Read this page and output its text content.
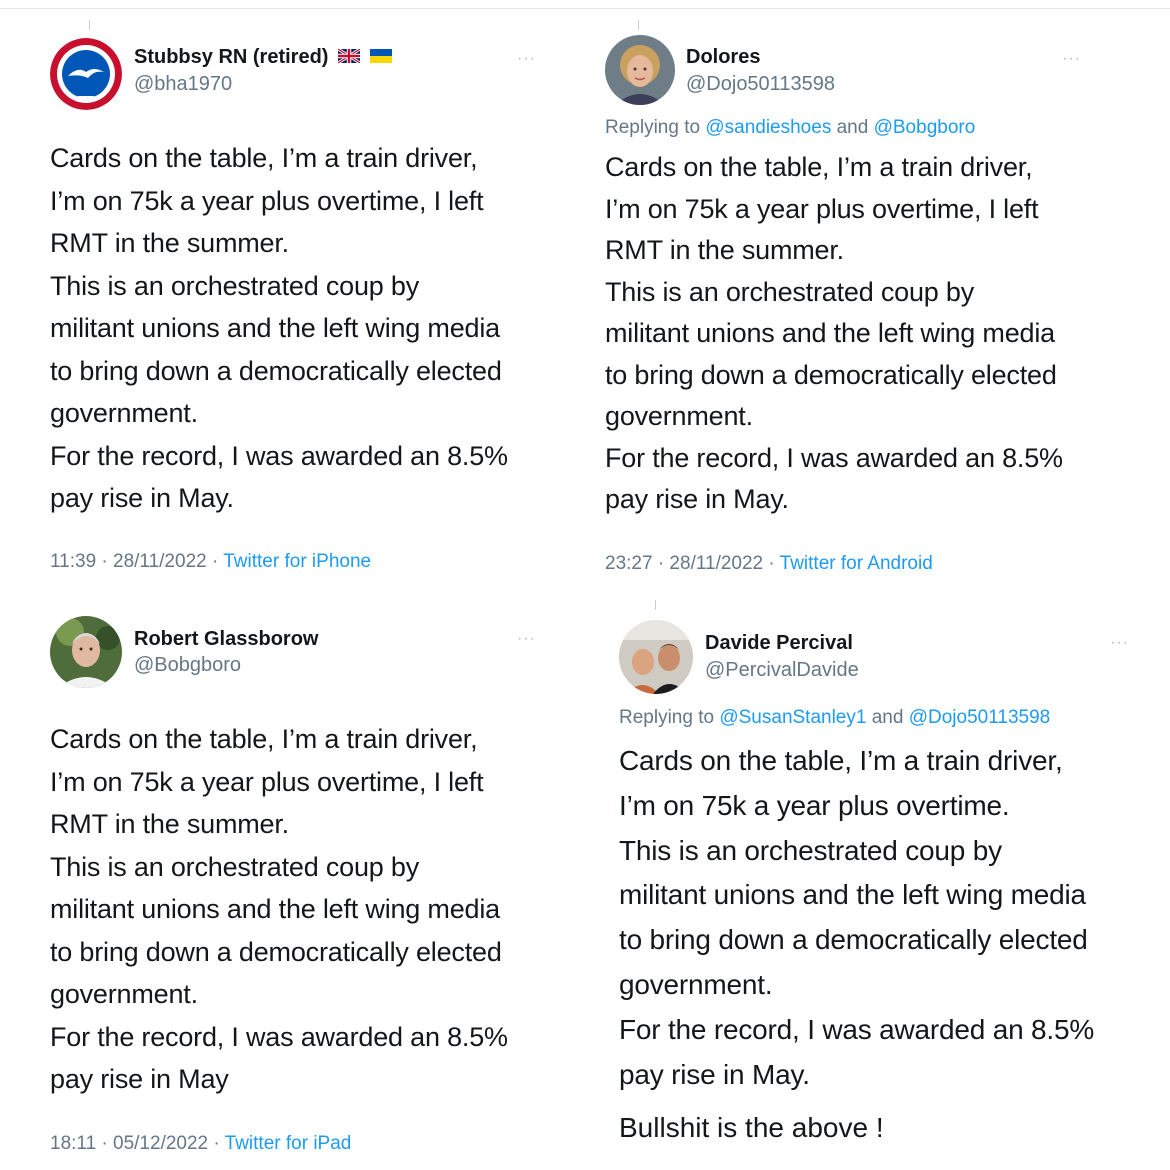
Stubbsy RN (retired)
@bha1970
···
Cards on the table, I’m a train driver,
I’m on 75k a year plus overtime, I left
RMT in the summer.
This is an orchestrated coup by
militant unions and the left wing media
to bring down a democratically elected
government.
For the record, I was awarded an 8.5%
pay rise in May.
11:39 · 28/11/2022 · Twitter for iPhone
Dolores
@Dojo50113598
···
Replying to @sandieshoes and @Bobgboro
Cards on the table, I’m a train driver,
I’m on 75k a year plus overtime, I left
RMT in the summer.
This is an orchestrated coup by
militant unions and the left wing media
to bring down a democratically elected
government.
For the record, I was awarded an 8.5%
pay rise in May.
23:27 · 28/11/2022 · Twitter for Android
Robert Glassborow
@Bobgboro
···
Cards on the table, I’m a train driver,
I’m on 75k a year plus overtime, I left
RMT in the summer.
This is an orchestrated coup by
militant unions and the left wing media
to bring down a democratically elected
government.
For the record, I was awarded an 8.5%
pay rise in May
18:11 · 05/12/2022 · Twitter for iPad
Davide Percival
@PercivalDavide
···
Replying to @SusanStanley1 and @Dojo50113598
Cards on the table, I’m a train driver,
I’m on 75k a year plus overtime.
This is an orchestrated coup by
militant unions and the left wing media
to bring down a democratically elected
government.
For the record, I was awarded an 8.5%
pay rise in May.
Bullshit is the above !
